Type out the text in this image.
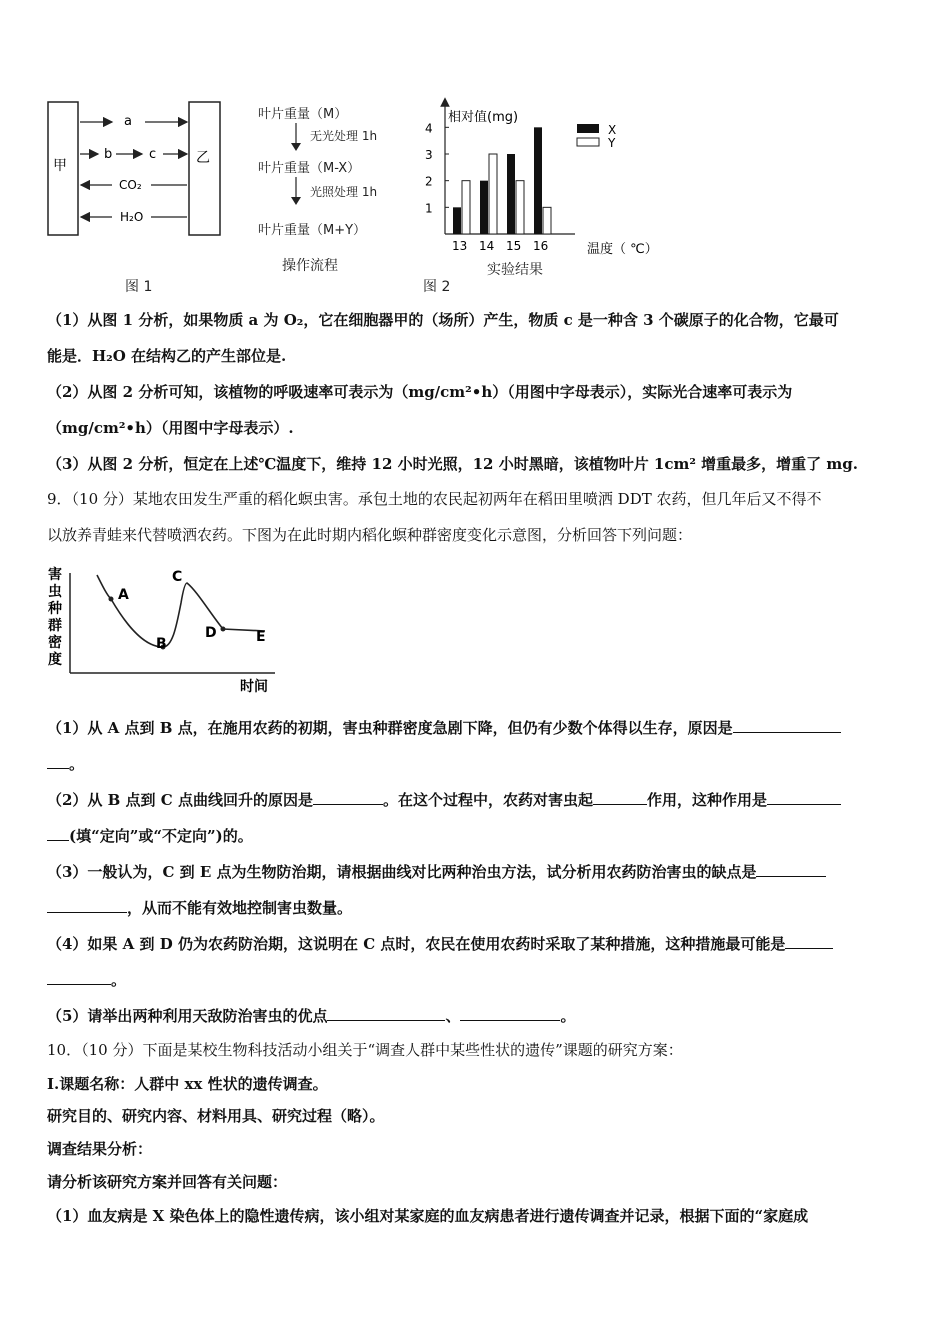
甲	乙
a
b	c
CO₂
H₂O
图 1
叶片重量（M）
无光处理 1h
叶片重量（M-X）
光照处理 1h
叶片重量（M+Y）
操作流程
相对值(mg)
温度（ ℃）
X
Y
1
2
3
4
13 14 15 16
实验结果
图 2
（1）从图 1 分析，如果物质 a 为 O₂，它在细胞器甲的（场所）产生，物质 c 是一种含 3 个碳原子的化合物，它最可
能是．H₂O 在结构乙的产生部位是.
（2）从图 2 分析可知，该植物的呼吸速率可表示为（mg/cm²•h）（用图中字母表示），实际光合速率可表示为
（mg/cm²•h）（用图中字母表示）.
（3）从图 2 分析，恒定在上述℃温度下，维持 12 小时光照，12 小时黑暗，该植物叶片 1cm² 增重最多，增重了 mg.
9．（10 分）某地农田发生严重的稻化螟虫害。承包土地的农民起初两年在稻田里喷洒 DDT 农药，但几年后又不得不
以放养青蛙来代替喷洒农药。下图为在此时期内稻化螟种群密度变化示意图，分析回答下列问题：
害
虫
种
群
密
度
时间
A
B
C
D	E
（1）从 A 点到 B 点，在施用农药的初期，害虫种群密度急剧下降，但仍有少数个体得以生存，原因是
。
（2）从 B 点到 C 点曲线回升的原因是	。在这个过程中，农药对害虫起	作用，这种作用是
(填“定向”或“不定向”)的。
（3）一般认为，C 到 E 点为生物防治期，请根据曲线对比两种治虫方法，试分析用农药防治害虫的缺点是
，从而不能有效地控制害虫数量。
（4）如果 A 到 D 仍为农药防治期，这说明在 C 点时，农民在使用农药时采取了某种措施，这种措施最可能是
。
（5）请举出两种利用天敌防治害虫的优点	、	。
10．（10 分）下面是某校生物科技活动小组关于“调查人群中某些性状的遗传”课题的研究方案：
I.课题名称：人群中 xx 性状的遗传调查。
研究目的、研究内容、材料用具、研究过程（略）。
调查结果分析：
请分析该研究方案并回答有关问题：
（1）血友病是 X 染色体上的隐性遗传病，该小组对某家庭的血友病患者进行遗传调查并记录，根据下面的“家庭成
